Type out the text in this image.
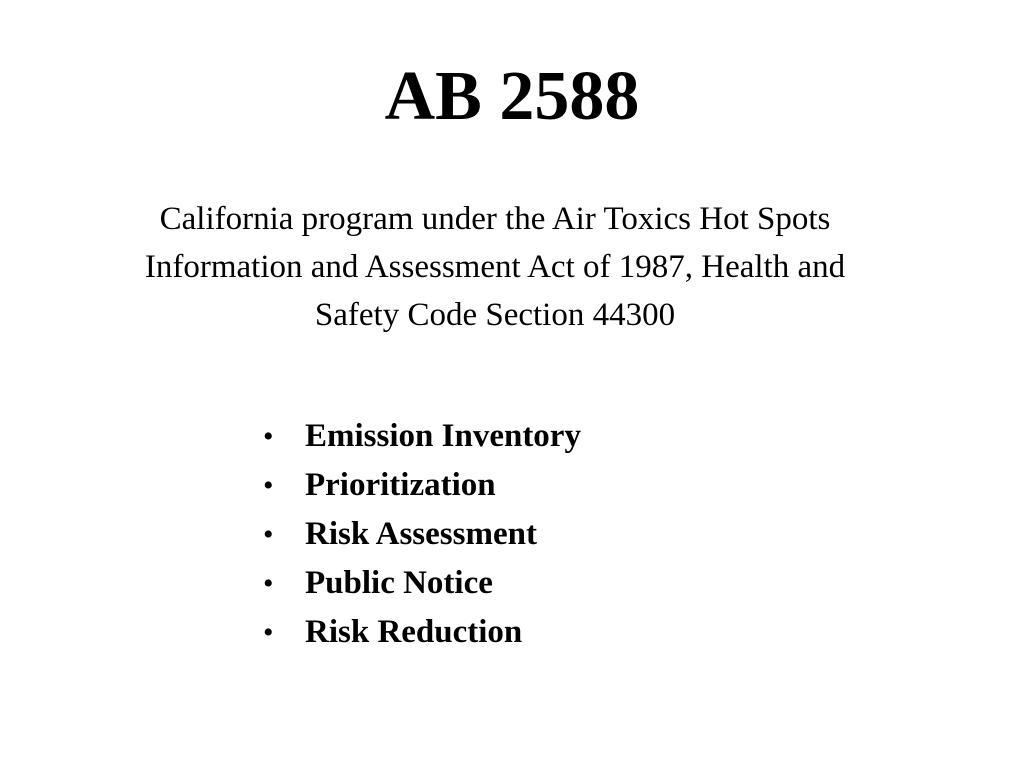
AB 2588

California program under the Air Toxics Hot Spots
Information and Assessment Act of 1987, Health and
Safety Code Section 44300

• Emission Inventory
• Prioritization
• Risk Assessment
• Public Notice
• Risk Reduction
